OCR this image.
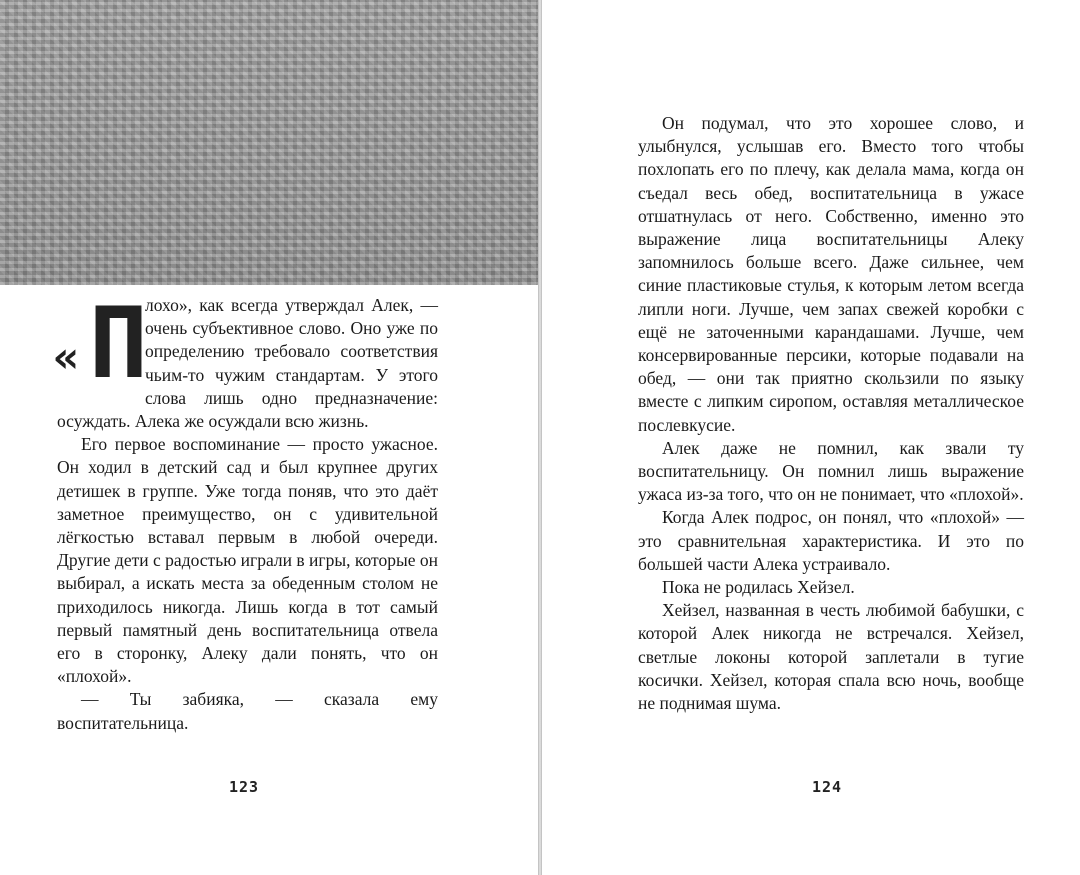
« П
лохо», как всегда утверждал Алек, — очень субъективное слово. Оно уже по определению требовало соответствия чьим-то чужим стандартам. У этого слова лишь одно предназначение: осуждать. Алека же осуждали всю жизнь.

Его первое воспоминание — просто ужасное. Он ходил в детский сад и был крупнее других детишек в группе. Уже тогда поняв, что это даёт заметное преимущество, он с удивительной лёгкостью вставал первым в любой очереди. Другие дети с радостью играли в игры, которые он выбирал, а искать места за обеденным столом не приходилось никогда. Лишь когда в тот самый первый памятный день воспитательница отвела его в сторонку, Алеку дали понять, что он «плохой».

— Ты забияка, — сказала ему воспитательница.

123	124

Он подумал, что это хорошее слово, и улыбнулся, услышав его. Вместо того чтобы похлопать его по плечу, как делала мама, когда он съедал весь обед, воспитательница в ужасе отшатнулась от него. Собственно, именно это выражение лица воспитательницы Алеку запомнилось больше всего. Даже сильнее, чем синие пластиковые стулья, к которым летом всегда липли ноги. Лучше, чем запах свежей коробки с ещё не заточенными карандашами. Лучше, чем консервированные персики, которые подавали на обед, — они так приятно скользили по языку вместе с липким сиропом, оставляя металлическое послевкусие.

Алек даже не помнил, как звали ту воспитательницу. Он помнил лишь выражение ужаса из-за того, что он не понимает, что «плохой».

Когда Алек подрос, он понял, что «плохой» — это сравнительная характеристика. И это по большей части Алека устраивало.

Пока не родилась Хейзел.

Хейзел, названная в честь любимой бабушки, с которой Алек никогда не встречался. Хейзел, светлые локоны которой заплетали в тугие косички. Хейзел, которая спала всю ночь, вообще не поднимая шума.
